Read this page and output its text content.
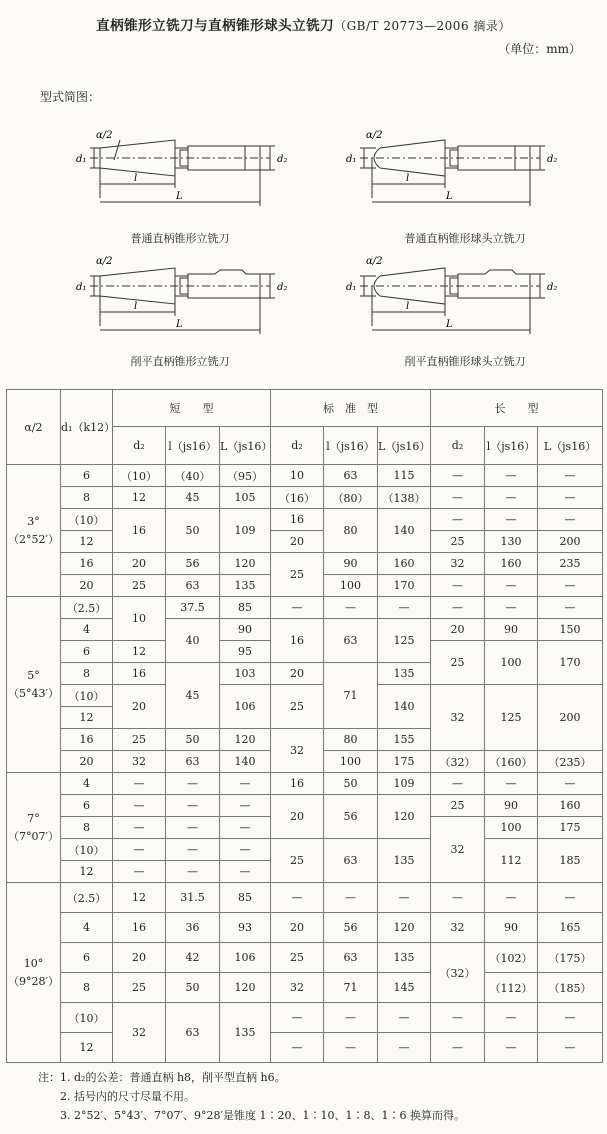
直柄锥形立铣刀与直柄锥形球头立铣刀（GB/T 20773—2006 摘录）
（单位：mm）
型式简图：
α/2
d₁
l
L
d₂
普通直柄锥形立铣刀
α/2
d₁
l
L
d₂
普通直柄锥形球头立铣刀
α/2
d₁
l
L
d₂
削平直柄锥形立铣刀
α/2
d₁
l
L
d₂
削平直柄锥形球头立铣刀
α/2	d₁（k12）	短　　型			标　准　型			长　　型		
		d₂	l（js16）	L（js16）	d₂	l（js16）	L（js16）	d₂	l（js16）	L（js16）
3°
（2°52′）	6	（10）	（40）	（95）	10	63	115	—	—	—
	8	12	45	105	（16）	（80）	（138）	—	—	—
	（10）	16	50	109	16	80	140	—	—	—
	12				20			25	130	200
	16	20	56	120	25	90	160	32	160	235
	20	25	63	135		100	170	—	—	—
5°
（5°43′）	（2.5）	10	37.5	85	—	—	—	—	—	—
	4		40	90	16	63	125	20	90	150
	6	12		95				25	100	170
	8	16	45	103	20	71	135			
	（10）	20		106	25		140	32	125	200
	12									
	16	25	50	120	32	80	155			
	20	32	63	140		100	175	（32）	（160）	（235）
7°
（7°07′）	4	—	—	—	16	50	109	—	—	—
	6	—	—	—	20	56	120	25	90	160
	8	—	—	—				32	100	175
	（10）	—	—	—	25	63	135		112	185
	12	—	—	—						
10°
（9°28′）	（2.5）	12	31.5	85	—	—	—	—	—	—
	4	16	36	93	20	56	120	32	90	165
	6	20	42	106	25	63	135	（32）	（102）	（175）
	8	25	50	120	32	71	145		（112）	（185）
	（10）	32	63	135	—	—	—	—	—	—
	12				—	—	—	—	—	—
注：1. d₂的公差：普通直柄 h8，削平型直柄 h6。
2. 括号内的尺寸尽量不用。
3. 2°52′、5°43′、7°07′、9°28′是锥度 1∶20、1∶10、1∶8、1∶6 换算而得。
